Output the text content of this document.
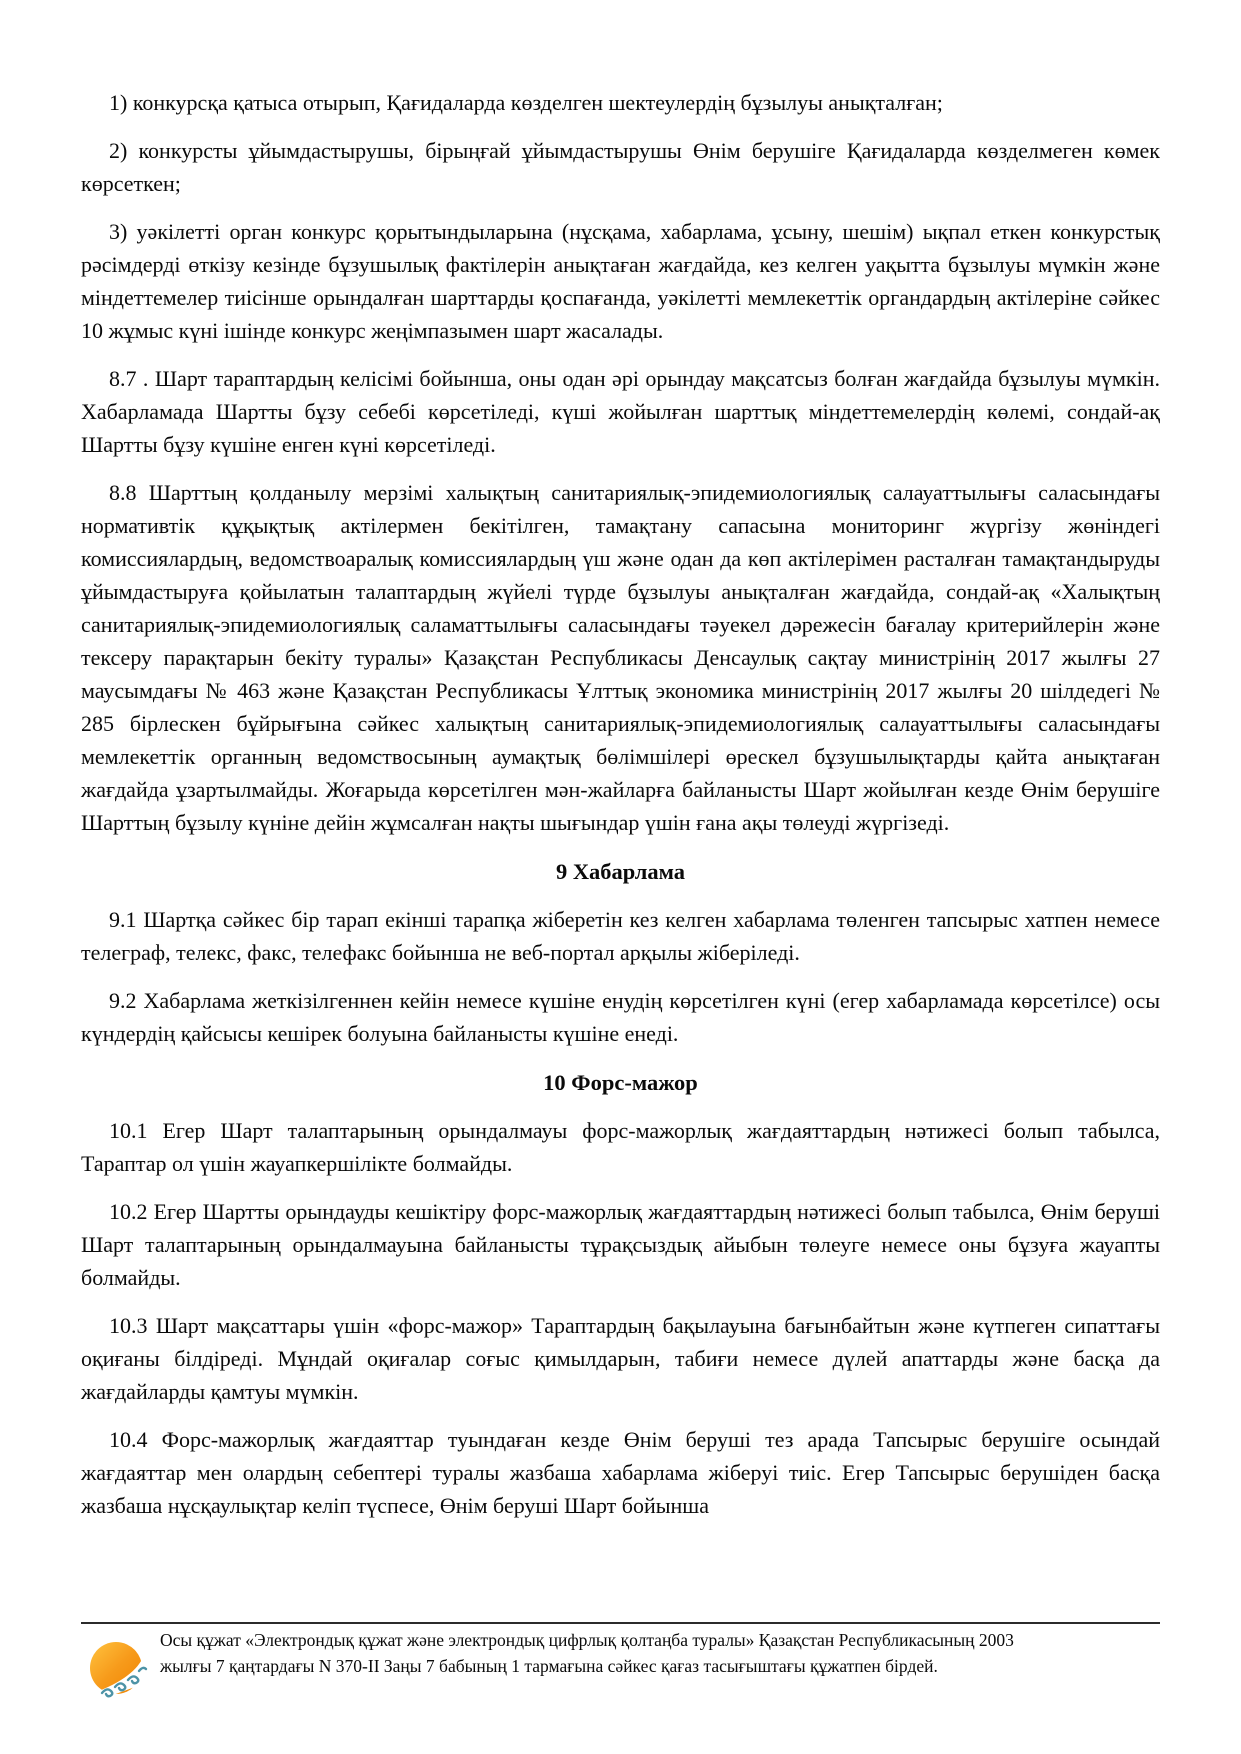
1) конкурсқа қатыса отырып, Қағидаларда көзделген шектеулердің бұзылуы анықталған;

2) конкурсты ұйымдастырушы, бірыңғай ұйымдастырушы Өнім берушіге Қағидаларда көзделмеген көмек көрсеткен;

3) уәкілетті орган конкурс қорытындыларына (нұсқама, хабарлама, ұсыну, шешім) ықпал еткен конкурстық рәсімдерді өткізу кезінде бұзушылық фактілерін анықтаған жағдайда, кез келген уақытта бұзылуы мүмкін және міндеттемелер тиісінше орындалған шарттарды қоспағанда, уәкілетті мемлекеттік органдардың актілеріне сәйкес 10 жұмыс күні ішінде конкурс жеңімпазымен шарт жасалады.

8.7 . Шарт тараптардың келісімі бойынша, оны одан әрі орындау мақсатсыз болған жағдайда бұзылуы мүмкін. Хабарламада Шартты бұзу себебі көрсетіледі, күші жойылған шарттық міндеттемелердің көлемі, сондай-ақ Шартты бұзу күшіне енген күні көрсетіледі.

8.8 Шарттың қолданылу мерзімі халықтың санитариялық-эпидемиологиялық салауаттылығы саласындағы нормативтік құқықтық актілермен бекітілген, тамақтану сапасына мониторинг жүргізу жөніндегі комиссиялардың, ведомствоаралық комиссиялардың үш және одан да көп актілерімен расталған тамақтандыруды ұйымдастыруға қойылатын талаптардың жүйелі түрде бұзылуы анықталған жағдайда, сондай-ақ «Халықтың санитариялық-эпидемиологиялық саламаттылығы саласындағы тәуекел дәрежесін бағалау критерийлерін және тексеру парақтарын бекіту туралы» Қазақстан Республикасы Денсаулық сақтау министрінің 2017 жылғы 27 маусымдағы № 463 және Қазақстан Республикасы Ұлттық экономика министрінің 2017 жылғы 20 шілдедегі № 285 бірлескен бұйрығына сәйкес халықтың санитариялық-эпидемиологиялық салауаттылығы саласындағы мемлекеттік органның ведомствосының аумақтық бөлімшілері өрескел бұзушылықтарды қайта анықтаған жағдайда ұзартылмайды. Жоғарыда көрсетілген мән-жайларға байланысты Шарт жойылған кезде Өнім берушіге Шарттың бұзылу күніне дейін жұмсалған нақты шығындар үшін ғана ақы төлеуді жүргізеді.

9 Хабарлама

9.1 Шартқа сәйкес бір тарап екінші тарапқа жіберетін кез келген хабарлама төленген тапсырыс хатпен немесе телеграф, телекс, факс, телефакс бойынша не веб-портал арқылы жіберіледі.

9.2 Хабарлама жеткізілгеннен кейін немесе күшіне енудің көрсетілген күні (егер хабарламада көрсетілсе) осы күндердің қайсысы кешірек болуына байланысты күшіне енеді.

10 Форс-мажор

10.1 Егер Шарт талаптарының орындалмауы форс-мажорлық жағдаяттардың нәтижесі болып табылса, Тараптар ол үшін жауапкершілікте болмайды.

10.2 Егер Шартты орындауды кешіктіру форс-мажорлық жағдаяттардың нәтижесі болып табылса, Өнім беруші Шарт талаптарының орындалмауына байланысты тұрақсыздық айыбын төлеуге немесе оны бұзуға жауапты болмайды.

10.3 Шарт мақсаттары үшін «форс-мажор» Тараптардың бақылауына бағынбайтын және күтпеген сипаттағы оқиғаны білдіреді. Мұндай оқиғалар соғыс қимылдарын, табиғи немесе дүлей апаттарды және басқа да жағдайларды қамтуы мүмкін.

10.4 Форс-мажорлық жағдаяттар туындаған кезде Өнім беруші тез арада Тапсырыс берушіге осындай жағдаяттар мен олардың себептері туралы жазбаша хабарлама жіберуі тиіс. Егер Тапсырыс берушіден басқа жазбаша нұсқаулықтар келіп түспесе, Өнім беруші Шарт бойынша

Осы құжат «Электрондық құжат және электрондық цифрлық қолтаңба туралы» Қазақстан Республикасының 2003 жылғы 7 қаңтардағы N 370-II Заңы 7 бабының 1 тармағына сәйкес қағаз тасығыштағы құжатпен бірдей.
